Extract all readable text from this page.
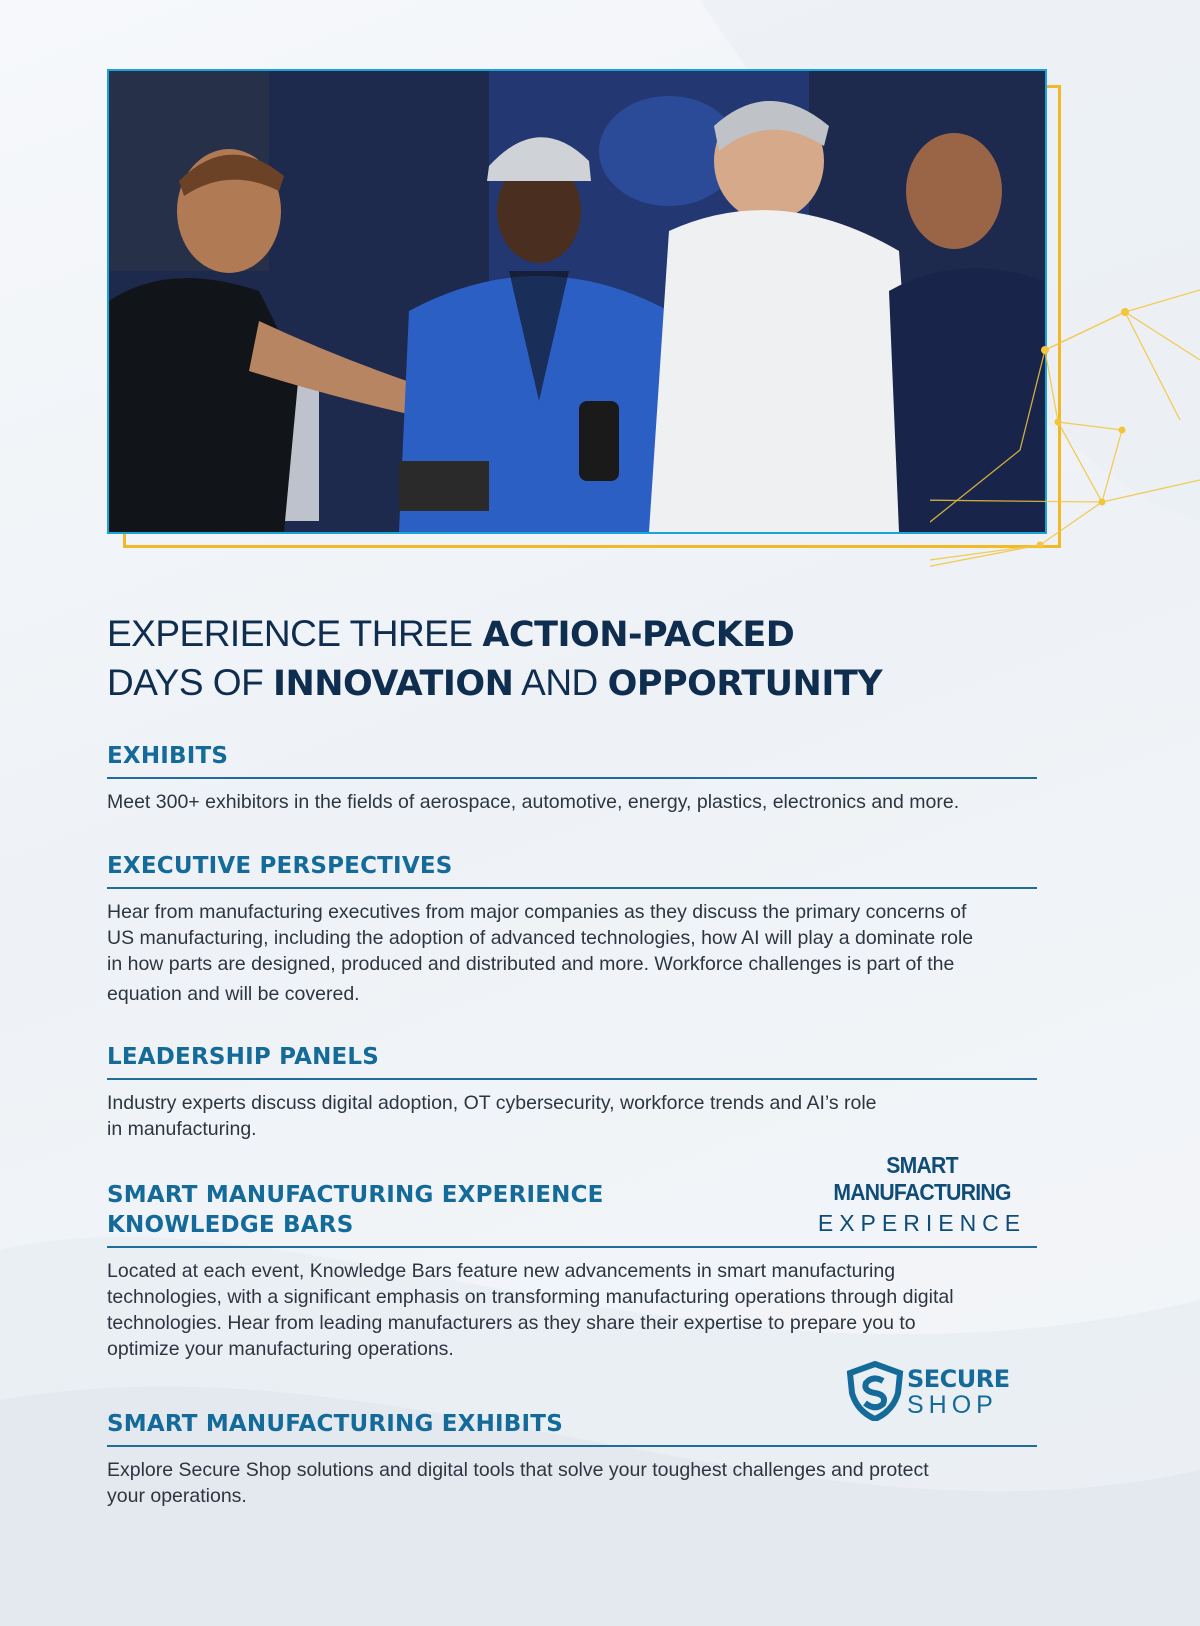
EXPERIENCE THREE ACTION-PACKED
DAYS OF INNOVATION AND OPPORTUNITY
EXHIBITS

Meet 300+ exhibitors in the fields of aerospace, automotive, energy, plastics, electronics and more.

EXECUTIVE PERSPECTIVES

Hear from manufacturing executives from major companies as they discuss the primary concerns of
US manufacturing, including the adoption of advanced technologies, how AI will play a dominate role
in how parts are designed, produced and distributed and more. Workforce challenges is part of the
equation and will be covered.

LEADERSHIP PANELS

Industry experts discuss digital adoption, OT cybersecurity, workforce trends and AI’s role
in manufacturing.

SMART MANUFACTURING
EXPERIENCE
SMART MANUFACTURING EXPERIENCE
KNOWLEDGE BARS

Located at each event, Knowledge Bars feature new advancements in smart manufacturing
technologies, with a significant emphasis on transforming manufacturing operations through digital
technologies. Hear from leading manufacturers as they share their expertise to prepare you to
optimize your manufacturing operations.

SECURE
SHOP
SMART MANUFACTURING EXHIBITS

Explore Secure Shop solutions and digital tools that solve your toughest challenges and protect
your operations.
